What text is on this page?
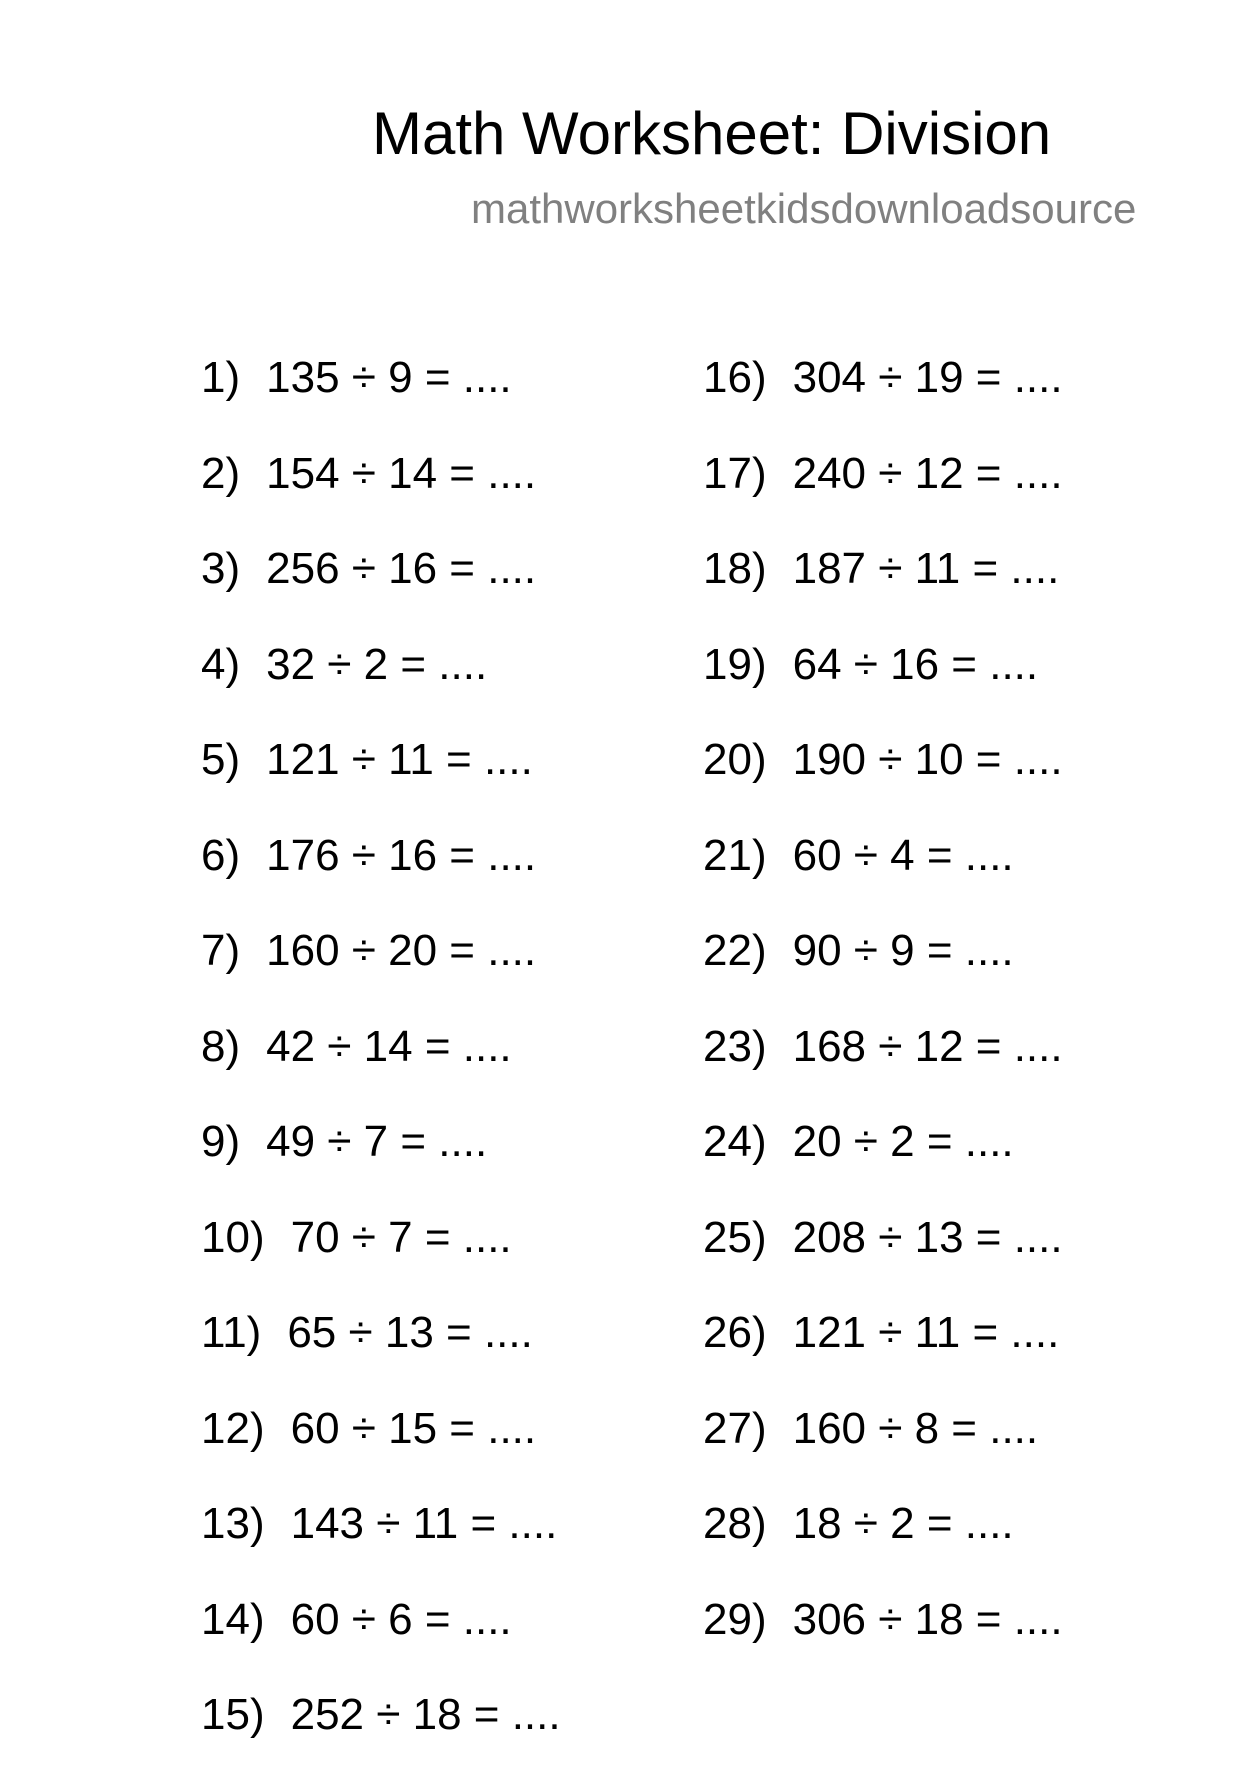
Math Worksheet: Division
mathworksheetkidsdownloadsource
1) 135 ÷ 9 = ....
2) 154 ÷ 14 = ....
3) 256 ÷ 16 = ....
4) 32 ÷ 2 = ....
5) 121 ÷ 11 = ....
6) 176 ÷ 16 = ....
7) 160 ÷ 20 = ....
8) 42 ÷ 14 = ....
9) 49 ÷ 7 = ....
10) 70 ÷ 7 = ....
11) 65 ÷ 13 = ....
12) 60 ÷ 15 = ....
13) 143 ÷ 11 = ....
14) 60 ÷ 6 = ....
15) 252 ÷ 18 = ....
16) 304 ÷ 19 = ....
17) 240 ÷ 12 = ....
18) 187 ÷ 11 = ....
19) 64 ÷ 16 = ....
20) 190 ÷ 10 = ....
21) 60 ÷ 4 = ....
22) 90 ÷ 9 = ....
23) 168 ÷ 12 = ....
24) 20 ÷ 2 = ....
25) 208 ÷ 13 = ....
26) 121 ÷ 11 = ....
27) 160 ÷ 8 = ....
28) 18 ÷ 2 = ....
29) 306 ÷ 18 = ....
